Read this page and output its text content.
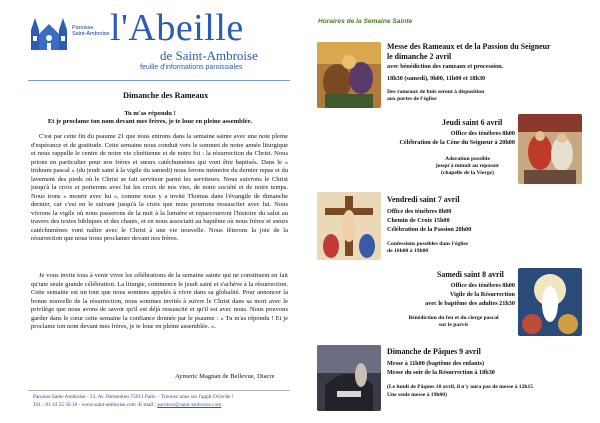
Paroisse
Saint-Ambroise l'Abeille
de Saint-Ambroise
feuille d'informations paroissiales
Dimanche des Rameaux
Tu m'as répondu !
Et je proclame ton nom devant mes frères, je te loue en pleine assemblée.

C'est par cette fin du psaume 21 que nous entrons dans la semaine sainte avec une note pleine d'espérance et de gratitude. Cette semaine nous conduit vers le sommet de notre année liturgique et nous rappelle le centre de notre vie chrétienne et de notre foi : la résurrection du Christ. Nous prions en particulier pour nos frères et sœurs catéchumènes qui vont être baptisés. Dans le « triduum pascal » (du jeudi saint à la vigile du samedi) nous ferons mémoire du dernier repas et du lavement des pieds où le Christ se fait serviteur parmi les serviteurs. Nous suivrons le Christ jusqu'à la croix et porterons avec lui les croix de nos vies, de notre société et de notre temps. Nous irons « mourir avec lui », comme nous y a invité Thomas dans l'évangile de dimanche dernier, car c'est en le suivant jusqu'à la croix que nous pourrons ressusciter avec lui. Nous vivrons la vigile où nous passerons de la nuit à la lumière et reparcourront l'histoire du salut au travers des textes bibliques et des chants, et en nous associant au baptême où nous frères et sœurs catéchumènes vont naître avec le Christ à une vie nouvelle. Nous fêterons la joie de la résurrection que nous irons proclamer devant nos frères.

Je vous invite tous à venir vivre les célébrations de la semaine sainte qui ne constituent en fait qu'une seule grande célébration. La liturgie, commence le jeudi saint et s'achève à la résurrection. Cette semaine est un tout que nous sommes appelés à vivre dans sa globalité. Pour annoncer la bonne nouvelle de la résurrection, nous sommes invités à suivre le Christ dans sa mort avec le privilège que nous avons de savoir qu'il est déjà ressuscité et qu'il est avec nous. Nous pouvons garder dans le cœur cette semaine la confiance donnée par le psaume : « Tu m'as répondu ! Et je proclame ton nom devant mes frères, je te loue en pleine assemblée. ».

Aymeric Magnan de Bellevue, Diacre
Paroisse Saint-Ambroise - 33, Av. Parmentier 75011 Paris – Trouvez nous sur l'appli Ocloche !
Tél. : 01 43 55 56 18 - www.saint-ambroise.com -E-mail : paroisse@saint-ambroise.com
Horaires de la Semaine Sainte
Messe des Rameaux et de la Passion du Seigneur
le dimanche 2 avril
avec bénédiction des rameaux et procession.
18h30 (samedi), 9h00, 11h00 et 18h30
Des rameaux de buis seront à disposition
aux portes de l'église
Jeudi saint 6 avril
Office des ténèbres 8h00
Célébration de la Cène du Seigneur à 20h00
Adoration possible
jusqu'à minuit au reposoir
(chapelle de la Vierge)
Vendredi saint 7 avril
Office des ténèbres 8h00
Chemin de Croix 15h00
Célébration de la Passion 20h00
Confessions possibles dans l'église
de 16h00 à 19h00
Samedi saint 8 avril
Office des ténèbres 8h00
Vigile de la Résurrection
avec le baptême des adultes 21h30
Bénédiction du feu et du cierge pascal
sur le parvis
Dimanche de Pâques 9 avril
Messe à 11h00 (baptême des enfants)
Messe du soir de la Résurrection à 18h30
(Le lundi de Pâques 10 avril, il n'y aura pas de messe à 12h15
Une seule messe à 19h00)
